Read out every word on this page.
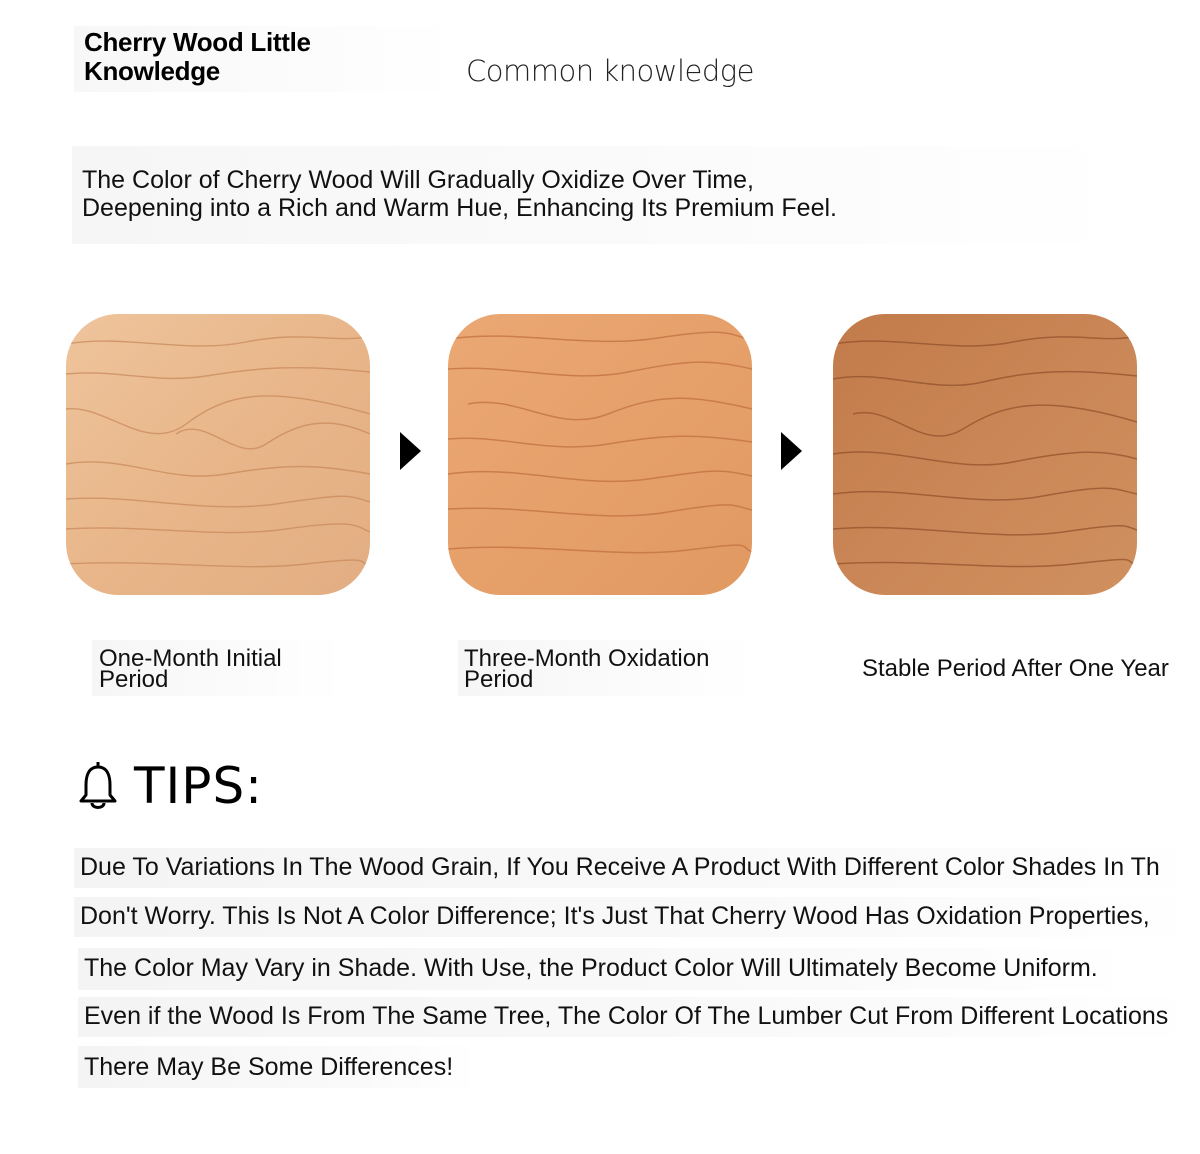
Cherry Wood Little Knowledge	Common knowledge
The Color of Cherry Wood Will Gradually Oxidize Over Time,
Deepening into a Rich and Warm Hue, Enhancing Its Premium Feel.
One-Month Initial
Period
Three-Month Oxidation
Period	Stable Period After One Year
TIPS:
Due To Variations In The Wood Grain, If You Receive A Product With Different Color Shades In Th
Don't Worry. This Is Not A Color Difference; It's Just That Cherry Wood Has Oxidation Properties,
The Color May Vary in Shade. With Use, the Product Color Will Ultimately Become Uniform.
Even if the Wood Is From The Same Tree, The Color Of The Lumber Cut From Different Locations
There May Be Some Differences!
